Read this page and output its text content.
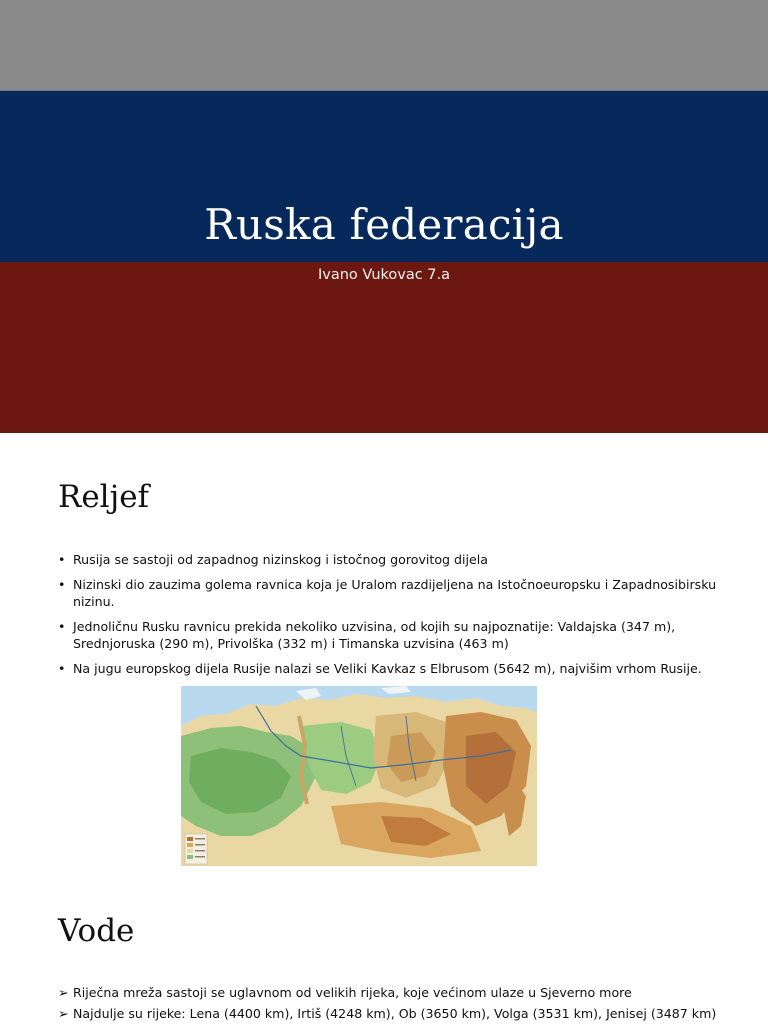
Ruska federacija
Ivano Vukovac 7.a
Reljef
• Rusija se sastoji od zapadnog nizinskog i istočnog gorovitog dijela
• Nizinski dio zauzima golema ravnica koja je Uralom razdijeljena na Istočnoeuropsku i Zapadnosibirsku nizinu.
• Jednoličnu Rusku ravnicu prekida nekoliko uzvisina, od kojih su najpoznatije: Valdajska (347 m), Srednjoruska (290 m), Privolška (332 m) i Timanska uzvisina (463 m)
• Na jugu europskog dijela Rusije nalazi se Veliki Kavkaz s Elbrusom (5642 m), najvišim vrhom Rusije.
Vode
➢ Riječna mreža sastoji se uglavnom od velikih rijeka, koje većinom ulaze u Sjeverno more
➢ Najdulje su rijeke: Lena (4400 km), Irtiš (4248 km), Ob (3650 km), Volga (3531 km), Jenisej (3487 km)
